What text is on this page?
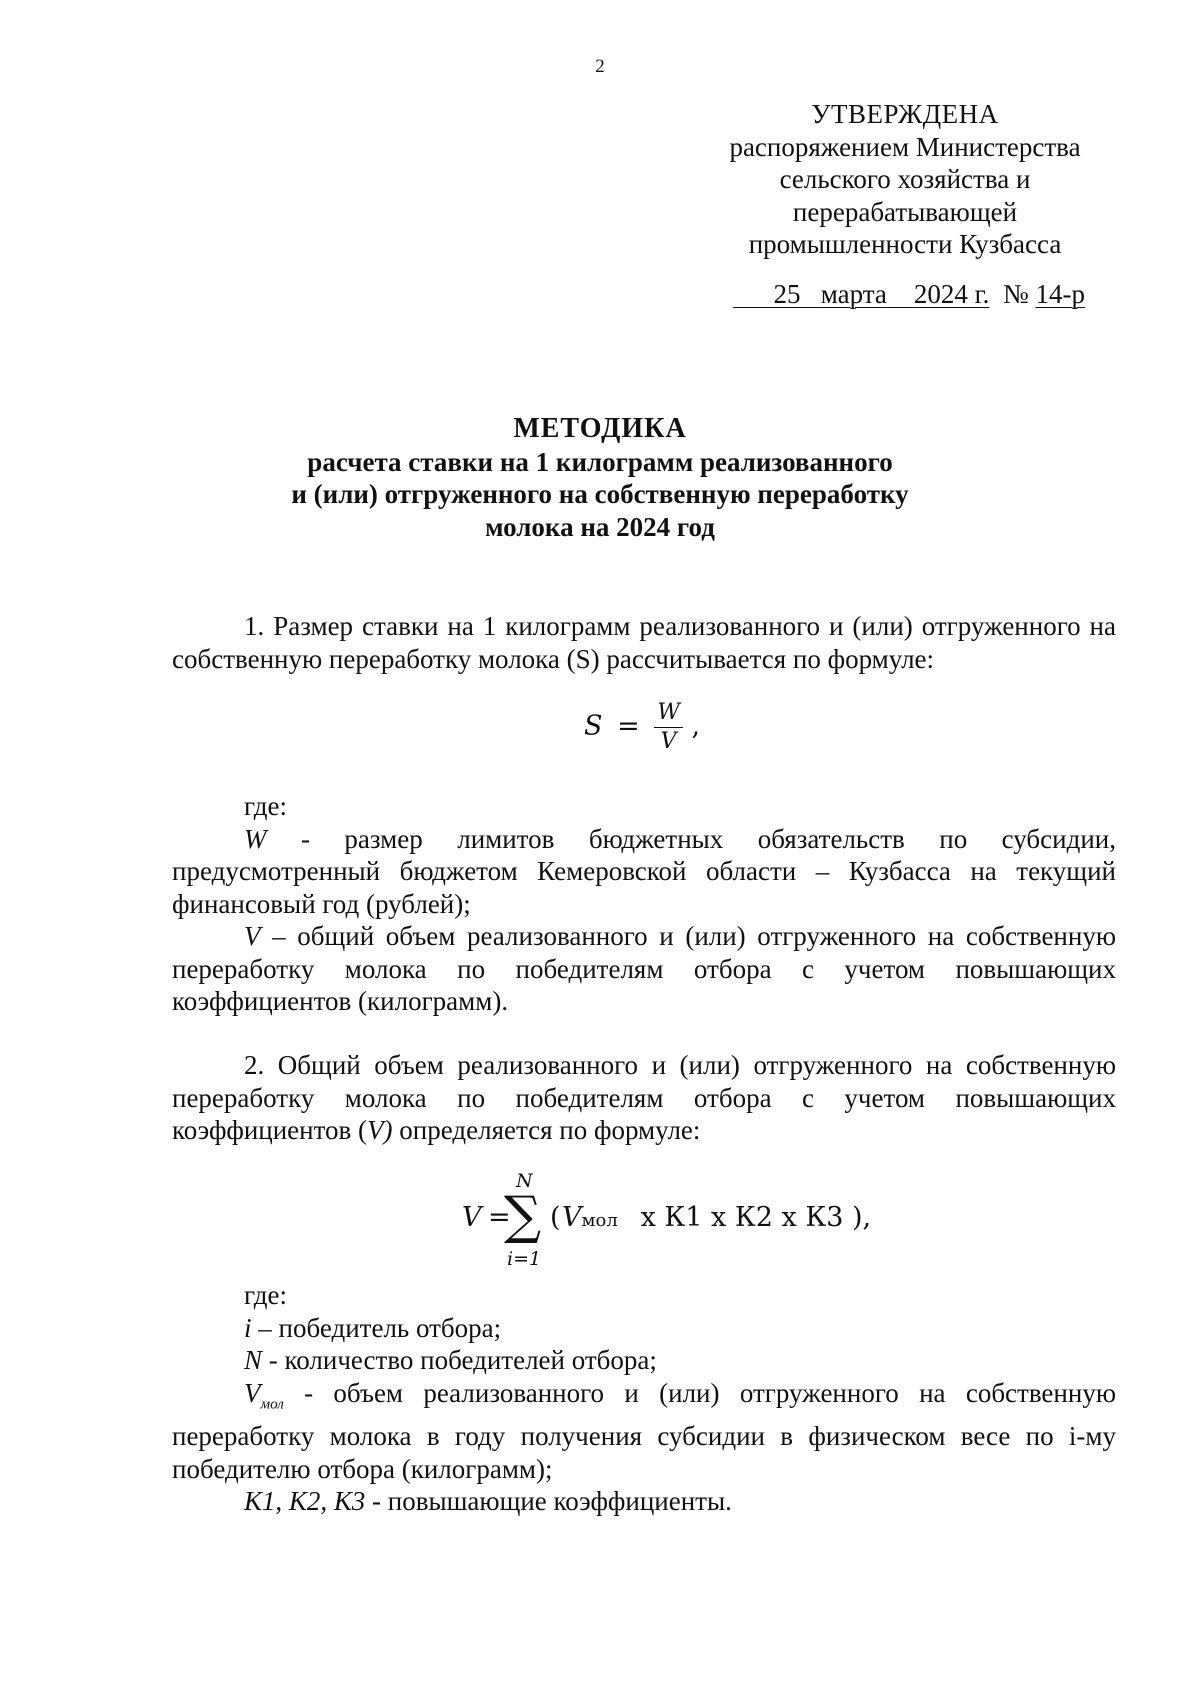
2
УТВЕРЖДЕНА
распоряжением Министерства
сельского хозяйства и
перерабатывающей
промышленности Кузбасса
25 марта 2024 г. № 14-р
МЕТОДИКА
расчета ставки на 1 килограмм реализованного
и (или) отгруженного на собственную переработку
молока на 2024 год

1. Размер ставки на 1 килограмм реализованного и (или) отгруженного на собственную переработку молока (S) рассчитывается по формуле:

$S = \frac{W}{V}$ ,

где:

W - размер лимитов бюджетных обязательств по субсидии, предусмотренный бюджетом Кемеровской области – Кузбасса на текущий финансовый год (рублей);

V – общий объем реализованного и (или) отгруженного на собственную переработку молока по победителям отбора с учетом повышающих коэффициентов (килограмм).

2. Общий объем реализованного и (или) отгруженного на собственную переработку молока по победителям отбора с учетом повышающих коэффициентов (V) определяется по формуле:

V =
N
∑
i=1
( Vмол x К1 x К2 x К3 ),

где:

i – победитель отбора;

N - количество победителей отбора;

$V_{мол}$ - объем реализованного и (или) отгруженного на собственную переработку молока в году получения субсидии в физическом весе по i-му победителю отбора (килограмм);

К1, К2, К3 - повышающие коэффициенты.
